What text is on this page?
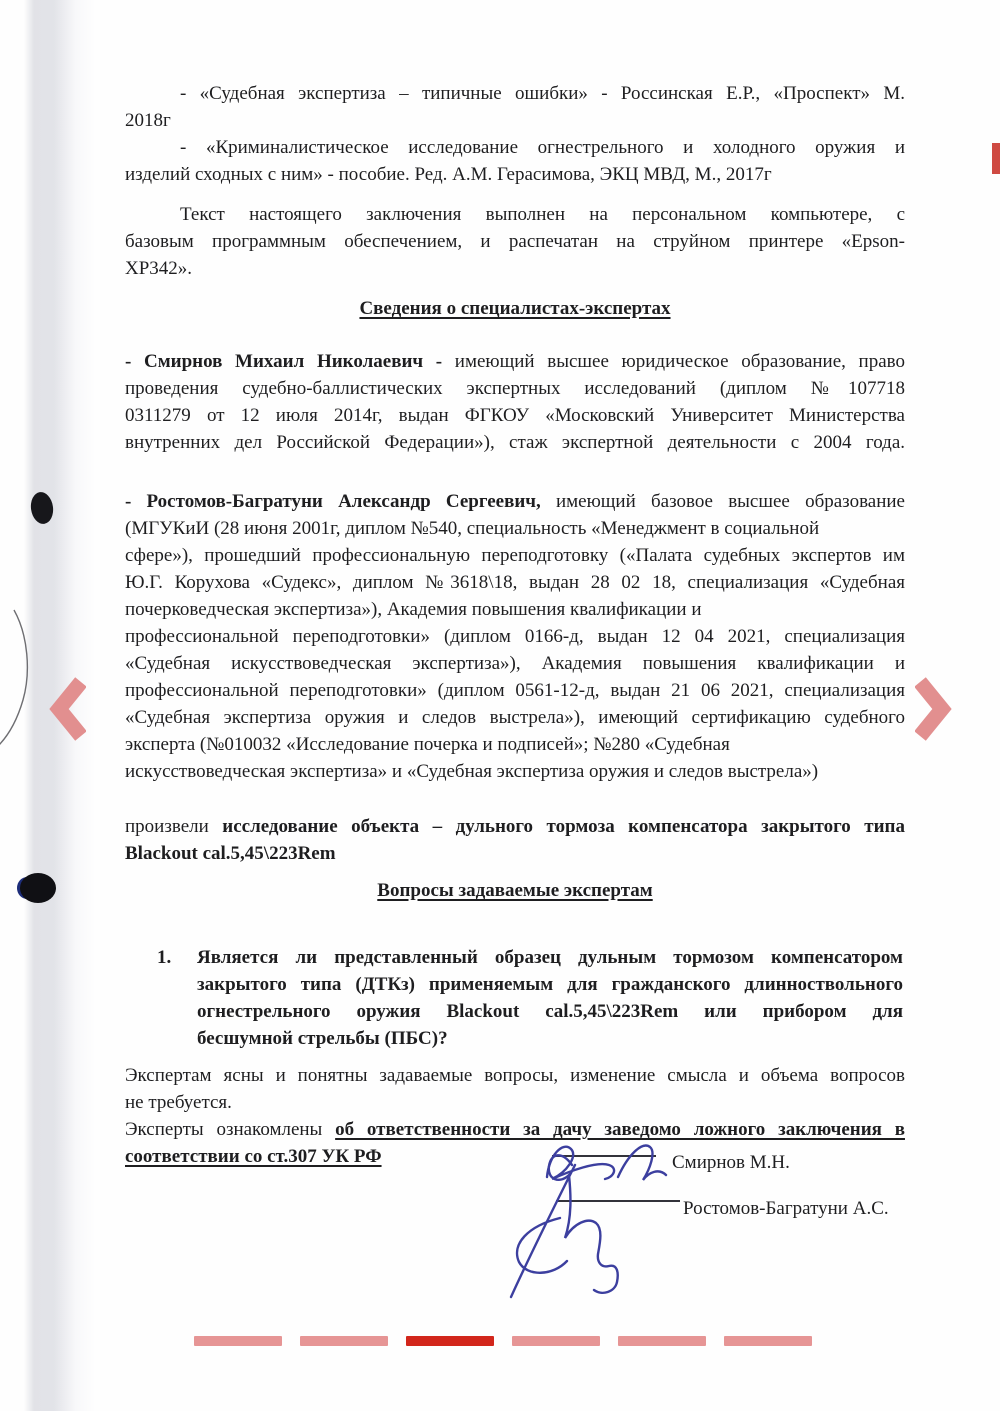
- «Судебная экспертиза – типичные ошибки» - Россинская Е.Р., «Проспект» М.
2018г
- «Криминалистическое исследование огнестрельного и холодного оружия и
изделий сходных с ним» - пособие. Ред. А.М. Герасимова, ЭКЦ МВД, М., 2017г
Текст настоящего заключения выполнен на персональном компьютере, с
базовым программным обеспечением, и распечатан на струйном принтере «Epson-
XP342».
Сведения о специалистах-экспертах
- Смирнов Михаил Николаевич - имеющий высшее юридическое образование, право
проведения судебно-баллистических экспертных исследований (диплом №107718
0311279 от 12 июля 2014г, выдан ФГКОУ «Московский Университет Министерства
внутренних дел Российской Федерации»), стаж экспертной деятельности с 2004 года.
- Ростомов-Багратуни Александр Сергеевич, имеющий базовое высшее образование
(МГУКиИ (28 июня 2001г, диплом №540, специальность «Менеджмент в социальной
сфере»), прошедший профессиональную переподготовку («Палата судебных экспертов им
Ю.Г. Корухова «Судекс», диплом №3618\18, выдан 28 02 18, специализация «Судебная
почерковедческая экспертиза»), Академия повышения квалификации и
профессиональной переподготовки» (диплом 0166-д, выдан 12 04 2021, специализация
«Судебная искусствоведческая экспертиза»), Академия повышения квалификации и
профессиональной переподготовки» (диплом 0561-12-д, выдан 21 06 2021, специализация
«Судебная экспертиза оружия и следов выстрела»), имеющий сертификацию судебного
эксперта (№010032 «Исследование почерка и подписей»; №280 «Судебная
искусствоведческая экспертиза» и «Судебная экспертиза оружия и следов выстрела»)
произвели исследование объекта – дульного тормоза компенсатора закрытого типа
Blackout cal.5,45\223Rem
Вопросы задаваемые экспертам
1. Является ли представленный образец дульным тормозом компенсатором
закрытого типа (ДТКз) применяемым для гражданского длинноствольного
огнестрельного оружия Blackout cal.5,45\223Rem или прибором для
бесшумной стрельбы (ПБС)?
Экспертам ясны и понятны задаваемые вопросы, изменение смысла и объема вопросов
не требуется.
Эксперты ознакомлены об ответственности за дачу заведомо ложного заключения в
соответствии со ст.307 УК РФ	Смирнов М.Н.
Ростомов-Багратуни А.С.
